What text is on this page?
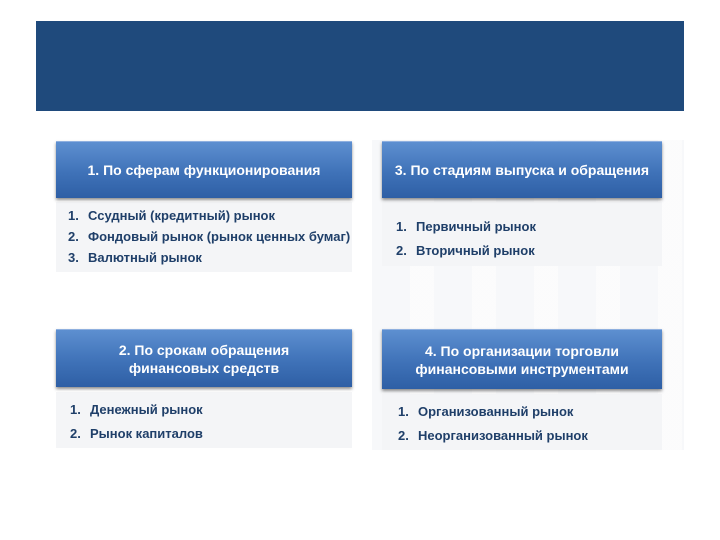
1. По сферам функционирования
1. Ссудный (кредитный) рынок
2. Фондовый рынок (рынок ценных бумаг)
3. Валютный рынок
3. По стадиям выпуска и обращения
1. Первичный рынок
2. Вторичный рынок
2. По срокам обращения финансовых средств
1. Денежный рынок
2. Рынок капиталов
4. По организации торговли финансовыми инструментами
1. Организованный рынок
2. Неорганизованный рынок
